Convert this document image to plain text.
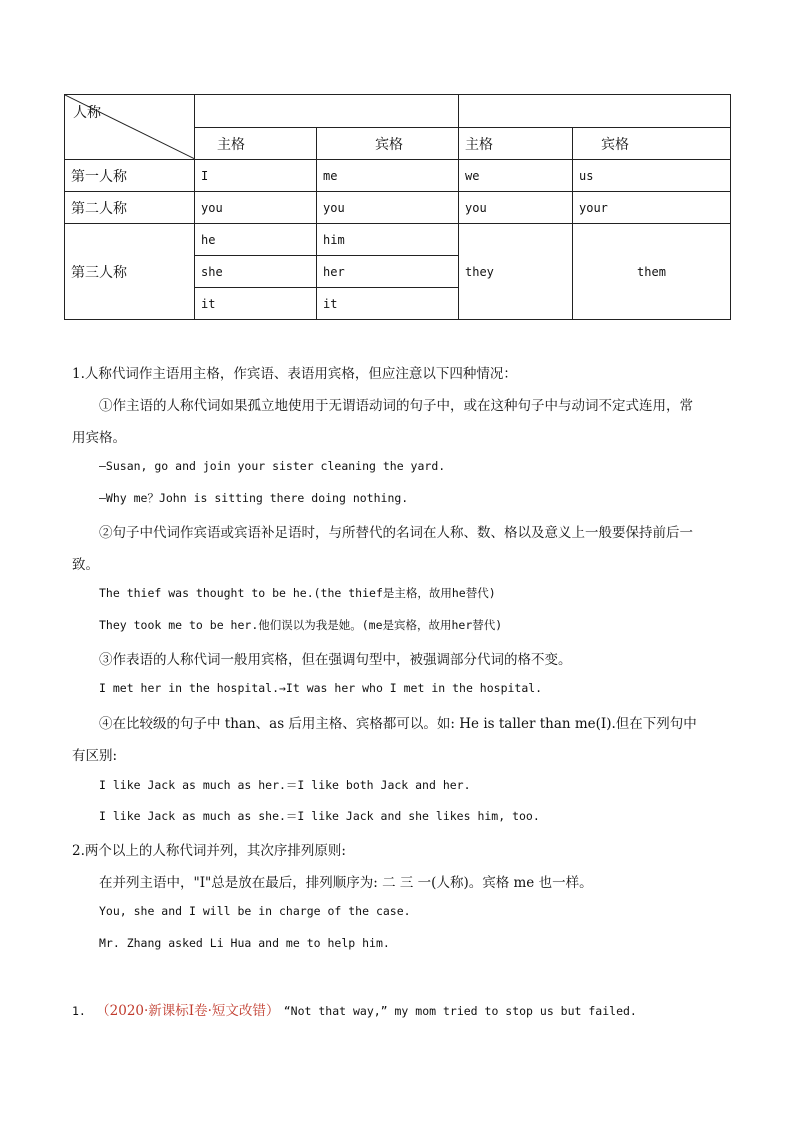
人称				

	主格	宾格	主格	宾格
第一人称	I	me	we	us
第二人称	you	you	you	your
第三人称	he	him	they	them
	she	her		
	it	it		
1.人称代词作主语用主格，作宾语、表语用宾格，但应注意以下四种情况：
①作主语的人称代词如果孤立地使用于无谓语动词的句子中，或在这种句子中与动词不定式连用，常
用宾格。
—Susan, go and join your sister cleaning the yard.
—Why me？John is sitting there doing nothing.
②句子中代词作宾语或宾语补足语时，与所替代的名词在人称、数、格以及意义上一般要保持前后一
致。
The thief was thought to be he.(the thief是主格，故用he替代)
They took me to be her.他们误以为我是她。(me是宾格，故用her替代)
③作表语的人称代词一般用宾格，但在强调句型中，被强调部分代词的格不变。
I met her in the hospital.→It was her who I met in the hospital.
④在比较级的句子中 than、as 后用主格、宾格都可以。如: He is taller than me(I).但在下列句中
有区别:
I like Jack as much as her.＝I like both Jack and her.
I like Jack as much as she.＝I like Jack and she likes him, too.
2.两个以上的人称代词并列，其次序排列原则:
在并列主语中，"I"总是放在最后，排列顺序为: 二 三 一(人称)。宾格 me 也一样。
You, she and I will be in charge of the case.
Mr. Zhang asked Li Hua and me to help him.
1. （2020·新课标Ⅰ卷·短文改错） “Not that way,” my mom tried to stop us but failed.
